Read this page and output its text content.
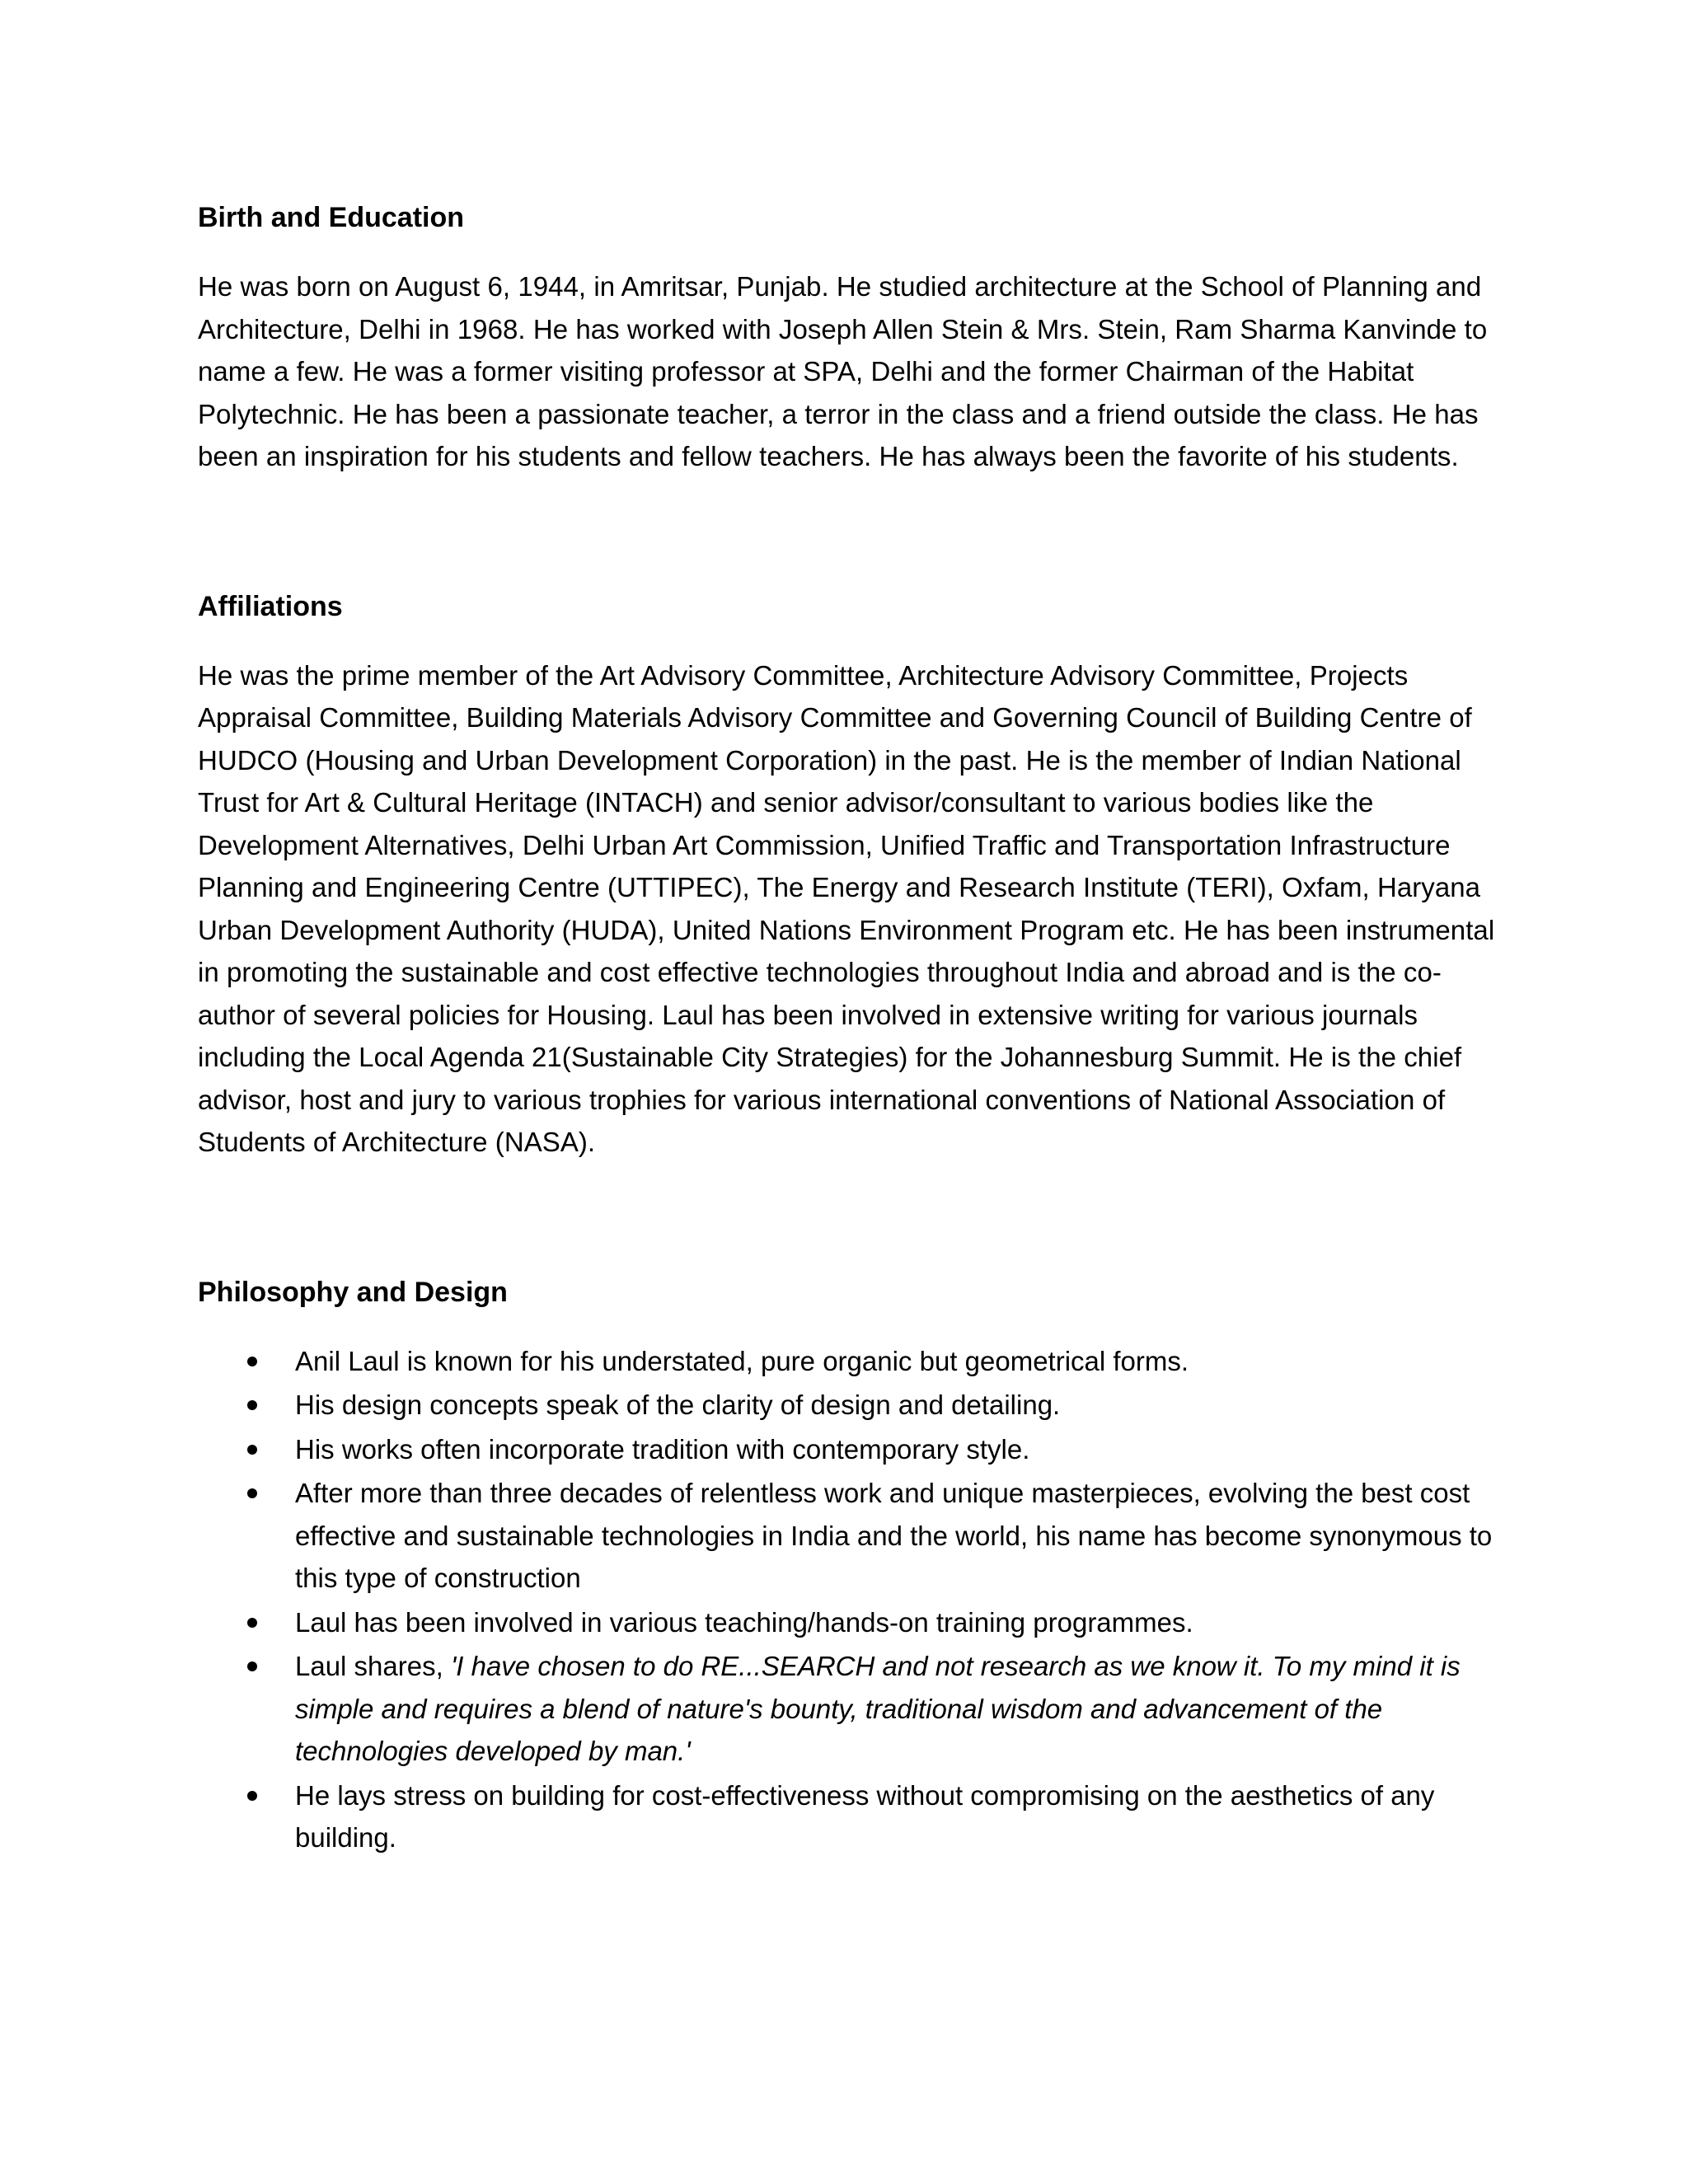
Birth and Education

He was born on August 6, 1944, in Amritsar, Punjab. He studied architecture at the School of Planning and Architecture, Delhi in 1968. He has worked with Joseph Allen Stein & Mrs. Stein, Ram Sharma Kanvinde to name a few. He was a former visiting professor at SPA, Delhi and the former Chairman of the Habitat Polytechnic. He has been a passionate teacher, a terror in the class and a friend outside the class. He has been an inspiration for his students and fellow teachers. He has always been the favorite of his students.

Affiliations

He was the prime member of the Art Advisory Committee, Architecture Advisory Committee, Projects Appraisal Committee, Building Materials Advisory Committee and Governing Council of Building Centre of HUDCO (Housing and Urban Development Corporation) in the past. He is the member of Indian National Trust for Art & Cultural Heritage (INTACH) and senior advisor/consultant to various bodies like the Development Alternatives, Delhi Urban Art Commission, Unified Traffic and Transportation Infrastructure Planning and Engineering Centre (UTTIPEC), The Energy and Research Institute (TERI), Oxfam, Haryana Urban Development Authority (HUDA), United Nations Environment Program etc. He has been instrumental in promoting the sustainable and cost effective technologies throughout India and abroad and is the co-author of several policies for Housing. Laul has been involved in extensive writing for various journals including the Local Agenda 21(Sustainable City Strategies) for the Johannesburg Summit. He is the chief advisor, host and jury to various trophies for various international conventions of National Association of Students of Architecture (NASA).

Philosophy and Design
Anil Laul is known for his understated, pure organic but geometrical forms.
His design concepts speak of the clarity of design and detailing.
His works often incorporate tradition with contemporary style.
After more than three decades of relentless work and unique masterpieces, evolving the best cost effective and sustainable technologies in India and the world, his name has become synonymous to this type of construction
Laul has been involved in various teaching/hands-on training programmes.
Laul shares, 'I have chosen to do RE...SEARCH and not research as we know it. To my mind it is simple and requires a blend of nature's bounty, traditional wisdom and advancement of the technologies developed by man.'
He lays stress on building for cost-effectiveness without compromising on the aesthetics of any building.
